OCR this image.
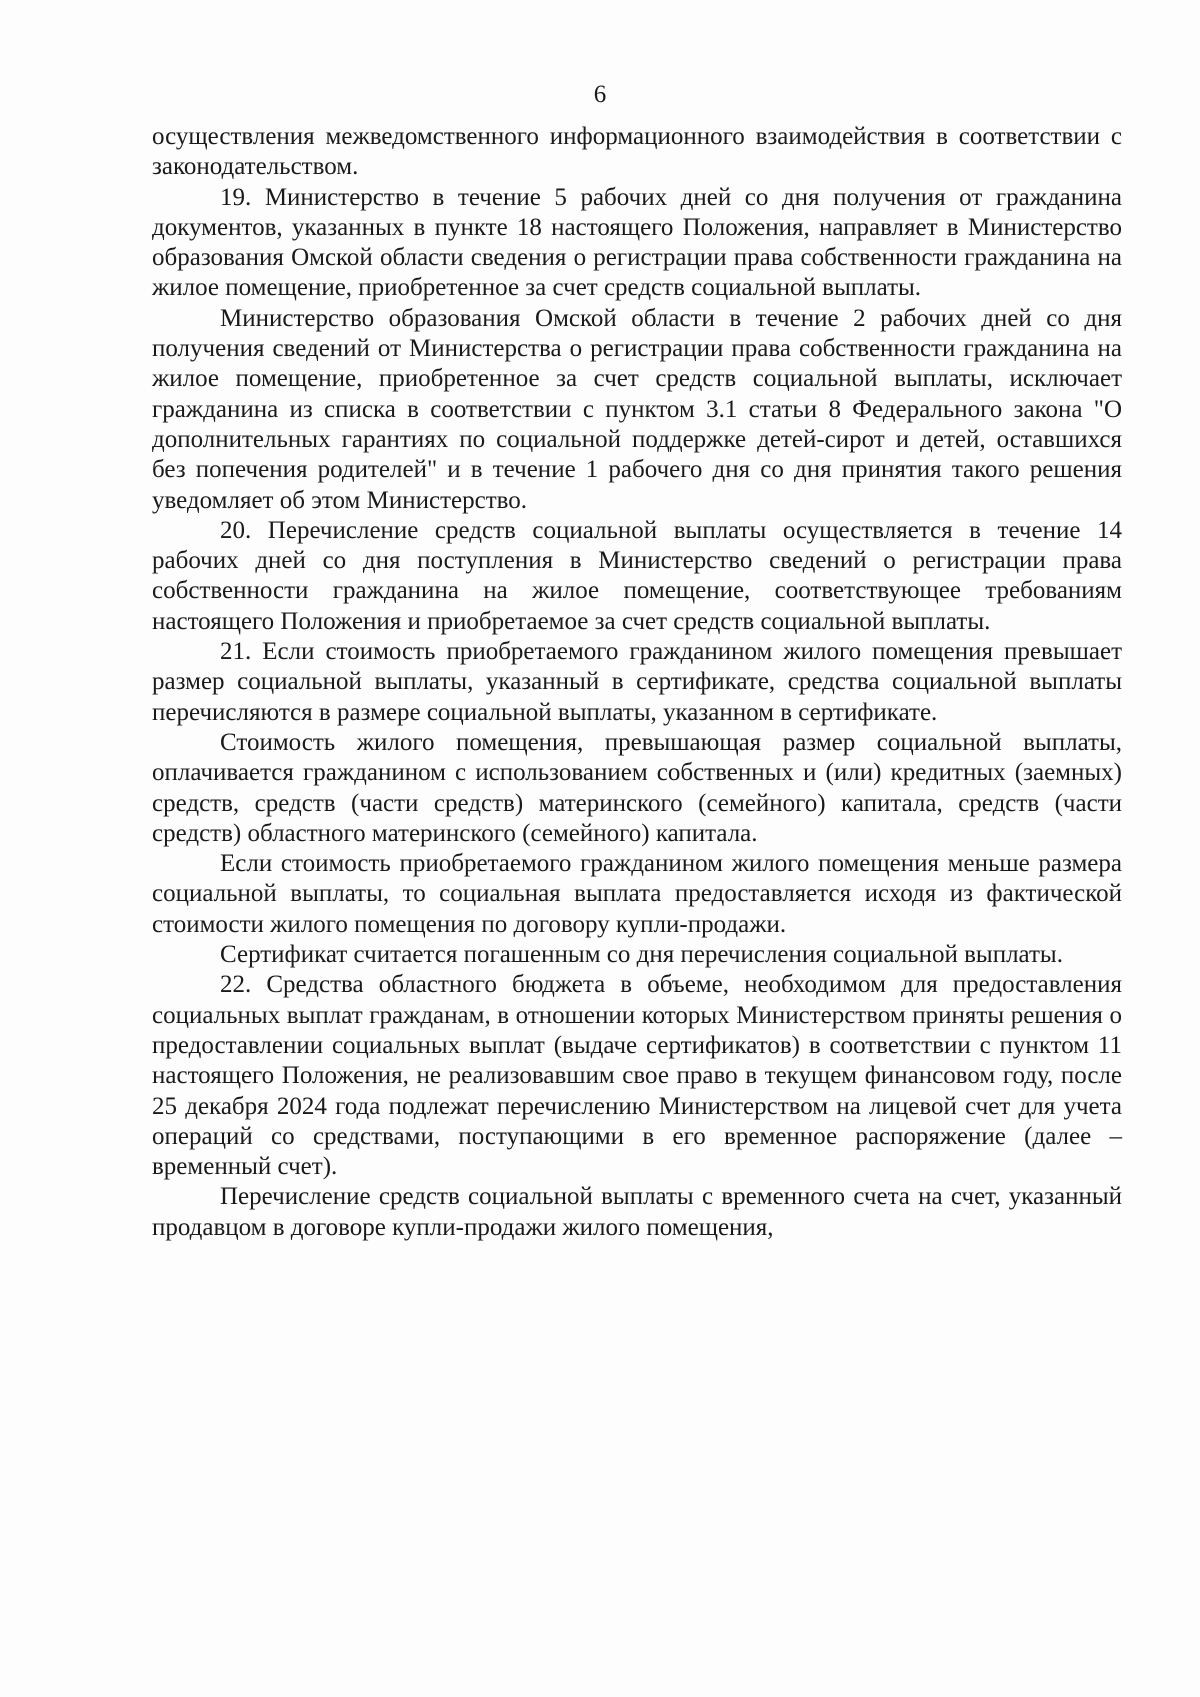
6

осуществления межведомственного информационного взаимодействия в соответствии с законодательством.

19. Министерство в течение 5 рабочих дней со дня получения от гражданина документов, указанных в пункте 18 настоящего Положения, направляет в Министерство образования Омской области сведения о регистрации права собственности гражданина на жилое помещение, приобретенное за счет средств социальной выплаты.

Министерство образования Омской области в течение 2 рабочих дней со дня получения сведений от Министерства о регистрации права собственности гражданина на жилое помещение, приобретенное за счет средств социальной выплаты, исключает гражданина из списка в соответствии с пунктом 3.1 статьи 8 Федерального закона "О дополнительных гарантиях по социальной поддержке детей-сирот и детей, оставшихся без попечения родителей" и в течение 1 рабочего дня со дня принятия такого решения уведомляет об этом Министерство.

20. Перечисление средств социальной выплаты осуществляется в течение 14 рабочих дней со дня поступления в Министерство сведений о регистрации права собственности гражданина на жилое помещение, соответствующее требованиям настоящего Положения и приобретаемое за счет средств социальной выплаты.

21. Если стоимость приобретаемого гражданином жилого помещения превышает размер социальной выплаты, указанный в сертификате, средства социальной выплаты перечисляются в размере социальной выплаты, указанном в сертификате.

Стоимость жилого помещения, превышающая размер социальной выплаты, оплачивается гражданином с использованием собственных и (или) кредитных (заемных) средств, средств (части средств) материнского (семейного) капитала, средств (части средств) областного материнского (семейного) капитала.

Если стоимость приобретаемого гражданином жилого помещения меньше размера социальной выплаты, то социальная выплата предоставляется исходя из фактической стоимости жилого помещения по договору купли-продажи.

Сертификат считается погашенным со дня перечисления социальной выплаты.

22. Средства областного бюджета в объеме, необходимом для предоставления социальных выплат гражданам, в отношении которых Министерством приняты решения о предоставлении социальных выплат (выдаче сертификатов) в соответствии с пунктом 11 настоящего Положения, не реализовавшим свое право в текущем финансовом году, после 25 декабря 2024 года подлежат перечислению Министерством на лицевой счет для учета операций со средствами, поступающими в его временное распоряжение (далее – временный счет).

Перечисление средств социальной выплаты с временного счета на счет, указанный продавцом в договоре купли-продажи жилого помещения,
